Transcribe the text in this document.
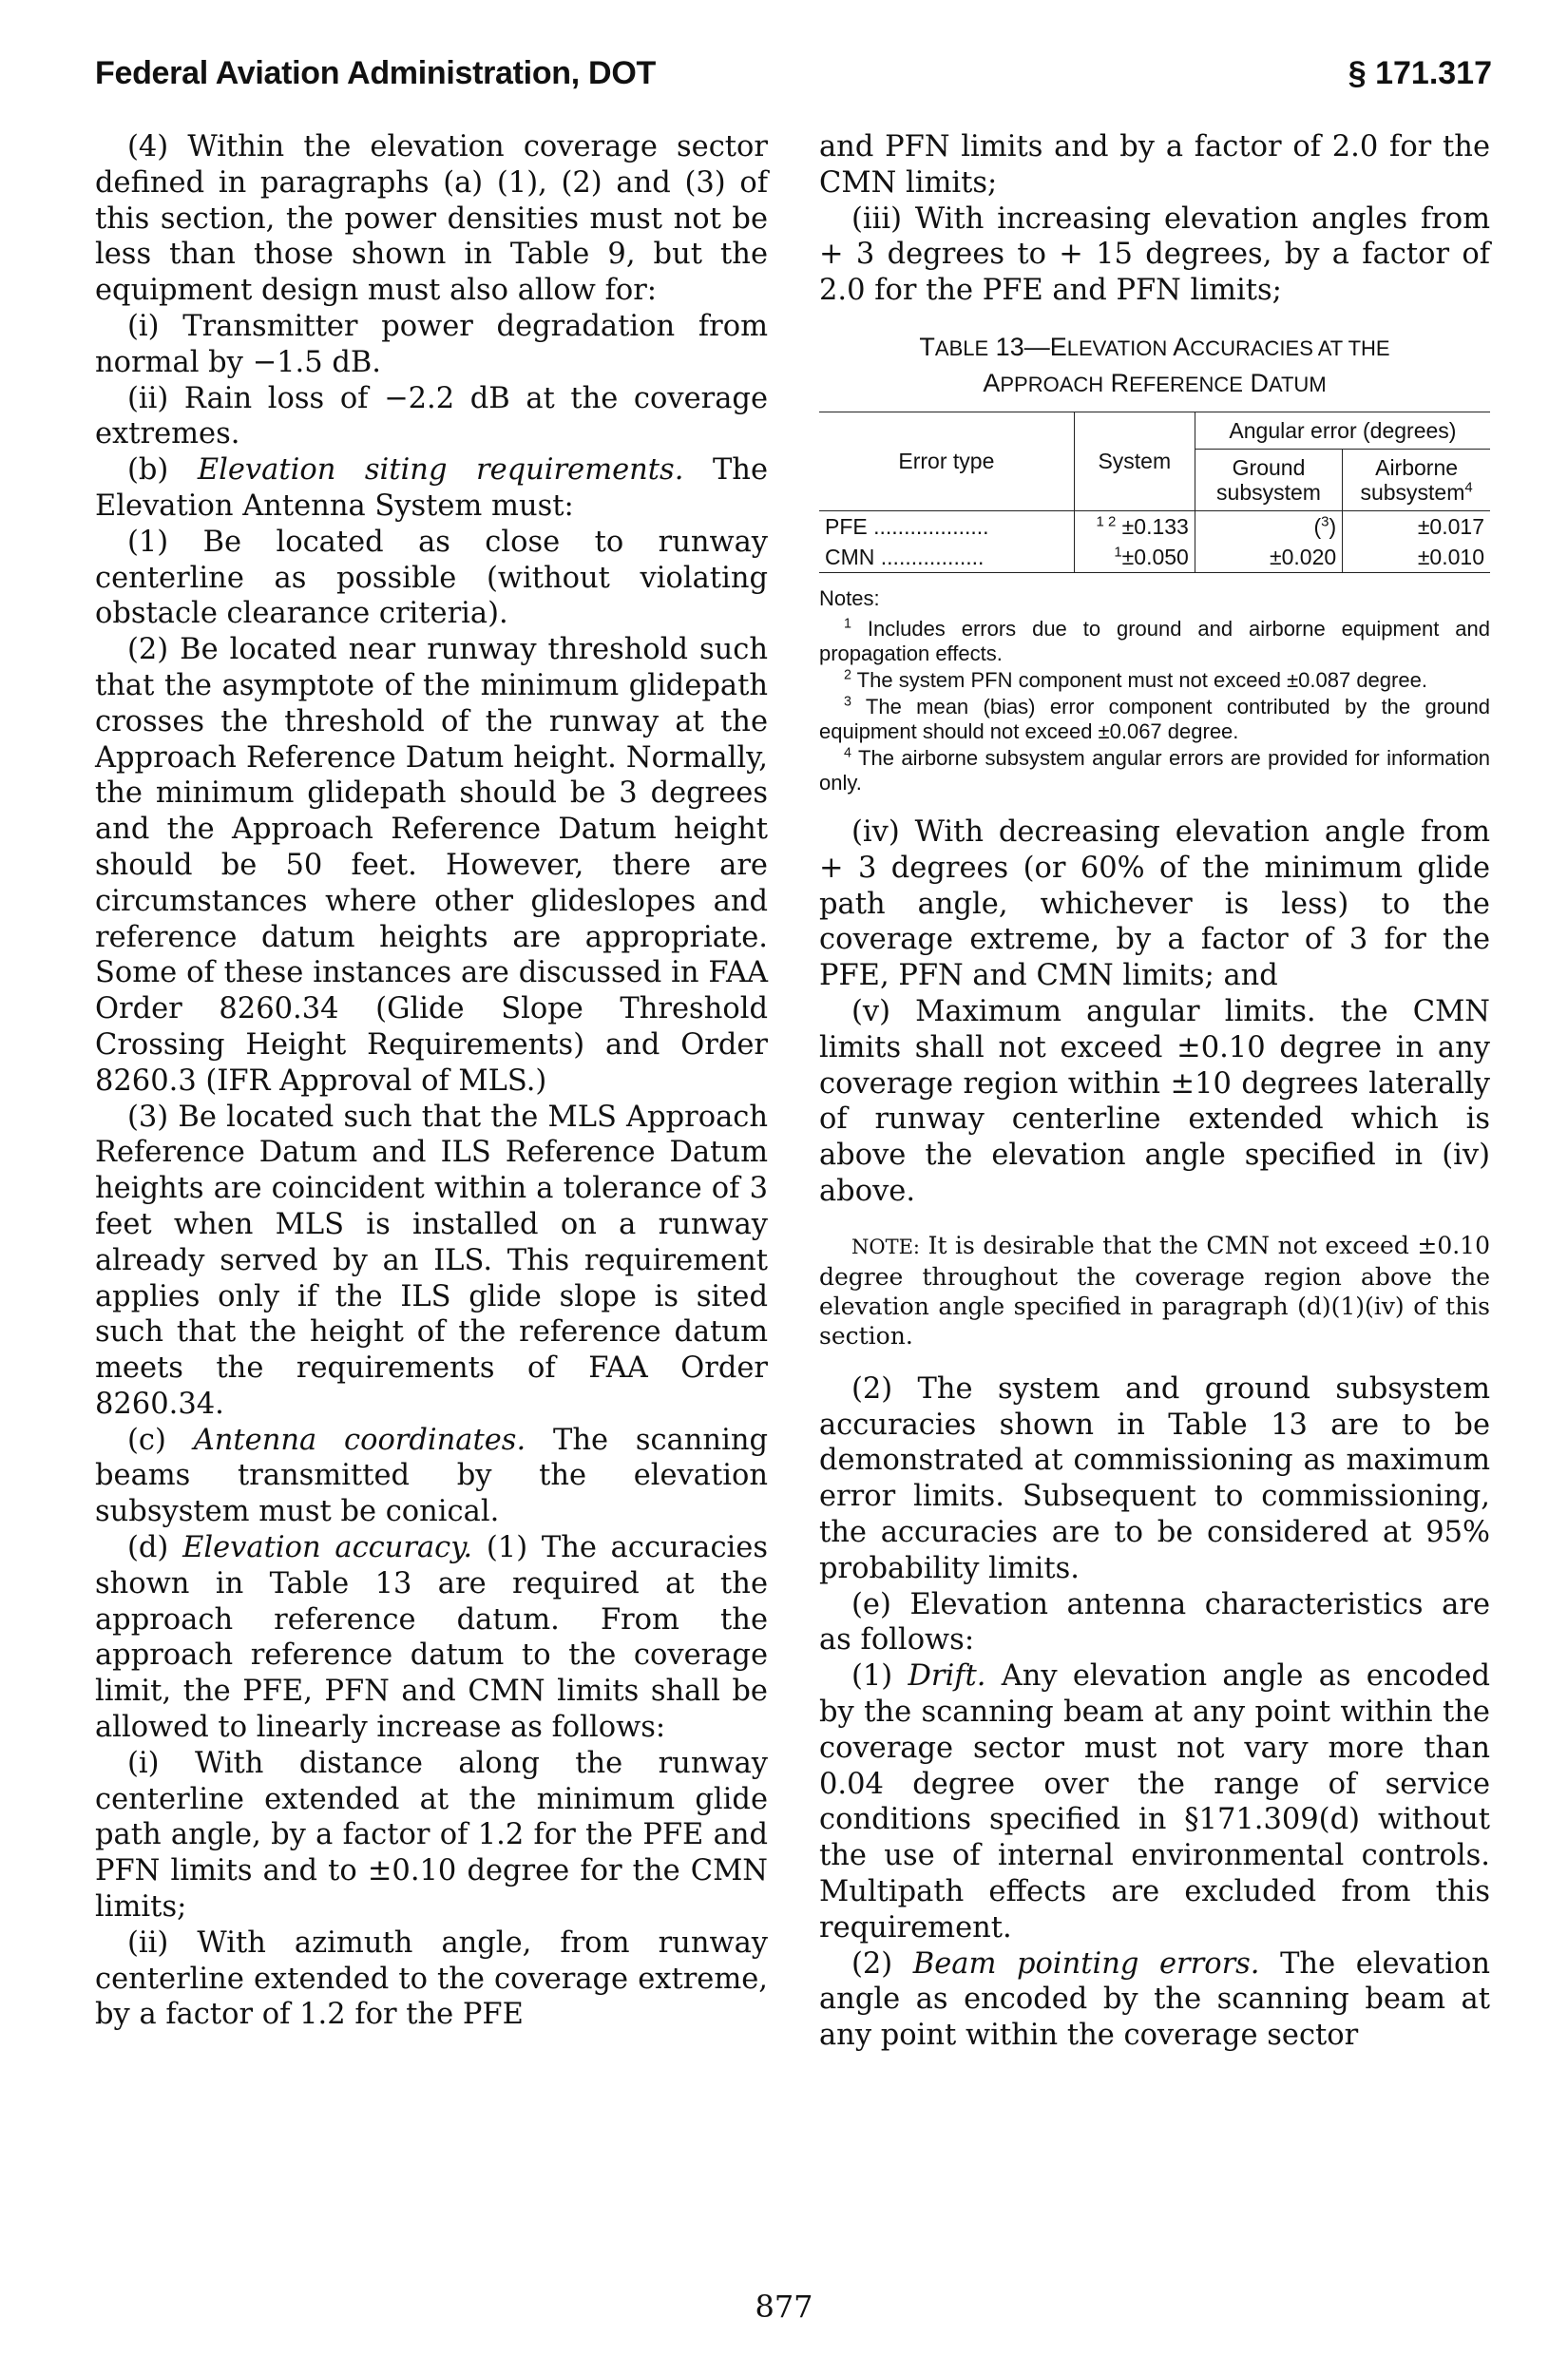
Federal Aviation Administration, DOT	§ 171.317

(4) Within the elevation coverage sector defined in paragraphs (a) (1), (2) and (3) of this section, the power densities must not be less than those shown in Table 9, but the equipment design must also allow for:

(i) Transmitter power degradation from normal by −1.5 dB.

(ii) Rain loss of −2.2 dB at the coverage extremes.

(b) Elevation siting requirements. The Elevation Antenna System must:

(1) Be located as close to runway centerline as possible (without violating obstacle clearance criteria).

(2) Be located near runway threshold such that the asymptote of the minimum glidepath crosses the threshold of the runway at the Approach Reference Datum height. Normally, the minimum glidepath should be 3 degrees and the Approach Reference Datum height should be 50 feet. However, there are circumstances where other glideslopes and reference datum heights are appropriate. Some of these instances are discussed in FAA Order 8260.34 (Glide Slope Threshold Crossing Height Requirements) and Order 8260.3 (IFR Approval of MLS.)

(3) Be located such that the MLS Approach Reference Datum and ILS Reference Datum heights are coincident within a tolerance of 3 feet when MLS is installed on a runway already served by an ILS. This requirement applies only if the ILS glide slope is sited such that the height of the reference datum meets the requirements of FAA Order 8260.34.

(c) Antenna coordinates. The scanning beams transmitted by the elevation subsystem must be conical.

(d) Elevation accuracy. (1) The accuracies shown in Table 13 are required at the approach reference datum. From the approach reference datum to the coverage limit, the PFE, PFN and CMN limits shall be allowed to linearly increase as follows:

(i) With distance along the runway centerline extended at the minimum glide path angle, by a factor of 1.2 for the PFE and PFN limits and to ±0.10 degree for the CMN limits;

(ii) With azimuth angle, from runway centerline extended to the coverage extreme, by a factor of 1.2 for the PFE

and PFN limits and by a factor of 2.0 for the CMN limits;

(iii) With increasing elevation angles from + 3 degrees to + 15 degrees, by a factor of 2.0 for the PFE and PFN limits;

TABLE 13—ELEVATION ACCURACIES AT THE
APPROACH REFERENCE DATUM
Error type	System	Angular error (degrees)	
		Ground subsystem	Airborne subsystem$^4$
PFE ...................	$^{1 2}$ ±0.133	($^3$)	±0.017
CMN .................	$^1$±0.050	±0.020	±0.010
Notes:
$^1$ Includes errors due to ground and airborne equipment and propagation effects.
$^2$ The system PFN component must not exceed ±0.087 degree.
$^3$ The mean (bias) error component contributed by the ground equipment should not exceed ±0.067 degree.
$^4$ The airborne subsystem angular errors are provided for information only.

(iv) With decreasing elevation angle from + 3 degrees (or 60% of the minimum glide path angle, whichever is less) to the coverage extreme, by a factor of 3 for the PFE, PFN and CMN limits; and

(v) Maximum angular limits. the CMN limits shall not exceed ±0.10 degree in any coverage region within ±10 degrees laterally of runway centerline extended which is above the elevation angle specified in (iv) above.

NOTE: It is desirable that the CMN not exceed ±0.10 degree throughout the coverage region above the elevation angle specified in paragraph (d)(1)(iv) of this section.

(2) The system and ground subsystem accuracies shown in Table 13 are to be demonstrated at commissioning as maximum error limits. Subsequent to commissioning, the accuracies are to be considered at 95% probability limits.

(e) Elevation antenna characteristics are as follows:

(1) Drift. Any elevation angle as encoded by the scanning beam at any point within the coverage sector must not vary more than 0.04 degree over the range of service conditions specified in §171.309(d) without the use of internal environmental controls. Multipath effects are excluded from this requirement.

(2) Beam pointing errors. The elevation angle as encoded by the scanning beam at any point within the coverage sector

877
